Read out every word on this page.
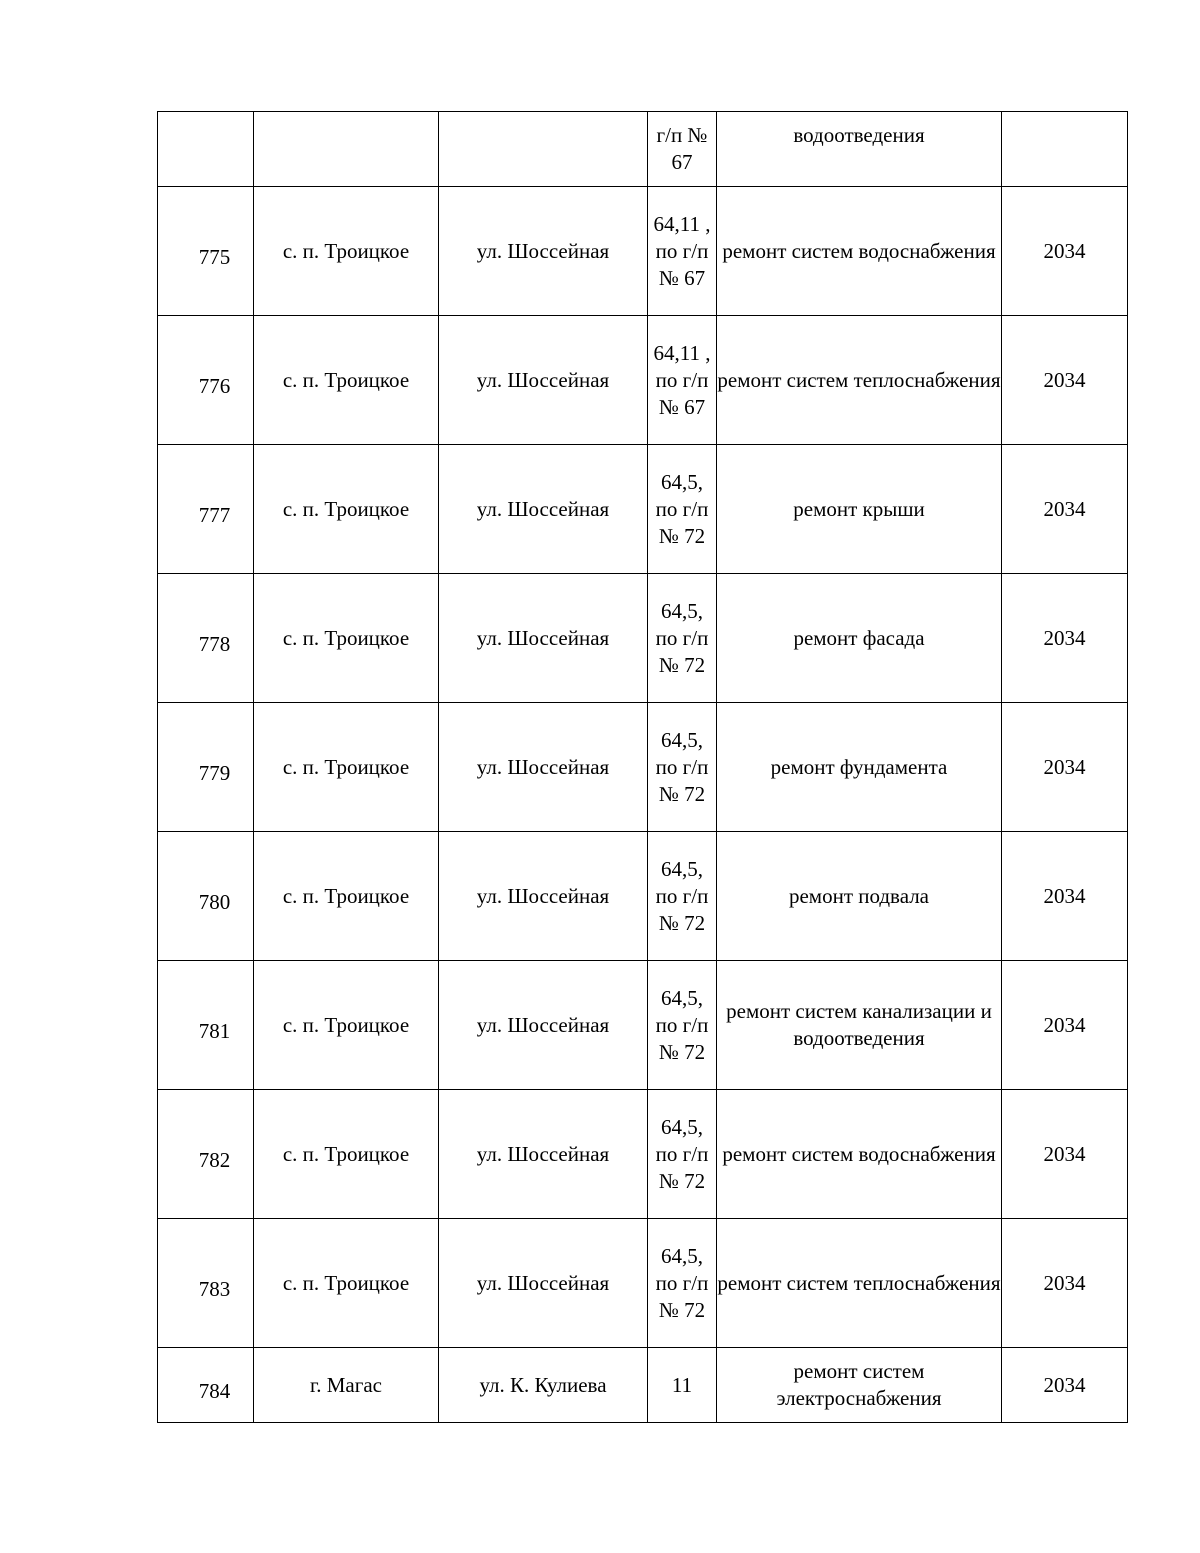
			г/п № 67	водоотведения	

775	с. п. Троицкое	ул. Шоссейная	64,11 , по г/п № 67	ремонт систем водоснабжения	2034

776	с. п. Троицкое	ул. Шоссейная	64,11 , по г/п № 67	ремонт систем теплоснабжения	2034

777	с. п. Троицкое	ул. Шоссейная	64,5, по г/п № 72	ремонт крыши	2034

778	с. п. Троицкое	ул. Шоссейная	64,5, по г/п № 72	ремонт фасада	2034

779	с. п. Троицкое	ул. Шоссейная	64,5, по г/п № 72	ремонт фундамента	2034

780	с. п. Троицкое	ул. Шоссейная	64,5, по г/п № 72	ремонт подвала	2034

781	с. п. Троицкое	ул. Шоссейная	64,5, по г/п № 72	ремонт систем канализации и водоотведения	2034

782	с. п. Троицкое	ул. Шоссейная	64,5, по г/п № 72	ремонт систем водоснабжения	2034

783	с. п. Троицкое	ул. Шоссейная	64,5, по г/п № 72	ремонт систем теплоснабжения	2034

784	г. Магас	ул. К. Кулиева	11	ремонт систем электроснабжения	2034
